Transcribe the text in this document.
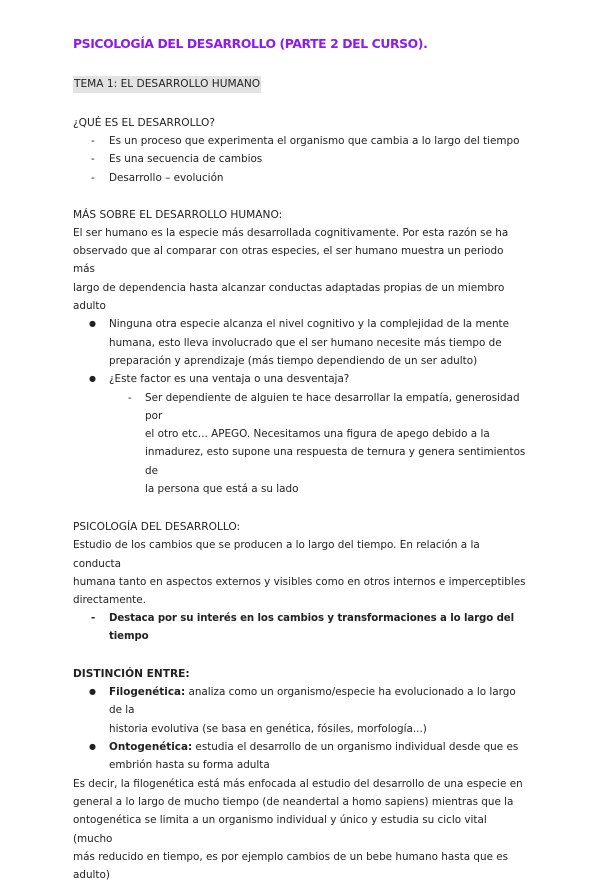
PSICOLOGÍA DEL DESARROLLO (PARTE 2 DEL CURSO).
TEMA 1: EL DESARROLLO HUMANO
¿QUÉ ES EL DESARROLLO?
- Es un proceso que experimenta el organismo que cambia a lo largo del tiempo
- Es una secuencia de cambios
- Desarrollo – evolución
MÁS SOBRE EL DESARROLLO HUMANO:

El ser humano es la especie más desarrollada cognitivamente. Por esta razón se ha
observado que al comparar con otras especies, el ser humano muestra un periodo más
largo de dependencia hasta alcanzar conductas adaptadas propias de un miembro adulto

● Ninguna otra especie alcanza el nivel cognitivo y la complejidad de la mente
humana, esto lleva involucrado que el ser humano necesite más tiempo de
preparación y aprendizaje (más tiempo dependiendo de un ser adulto)
● ¿Este factor es una ventaja o una desventaja?
- Ser dependiente de alguien te hace desarrollar la empatía, generosidad por
el otro etc... APEGO. Necesitamos una figura de apego debido a la
inmadurez, esto supone una respuesta de ternura y genera sentimientos de
la persona que está a su lado
PSICOLOGÍA DEL DESARROLLO:

Estudio de los cambios que se producen a lo largo del tiempo. En relación a la conducta
humana tanto en aspectos externos y visibles como en otros internos e imperceptibles
directamente.

- Destaca por su interés en los cambios y transformaciones a lo largo del tiempo
DISTINCIÓN ENTRE:
● Filogenética: analiza como un organismo/especie ha evolucionado a lo largo de la
historia evolutiva (se basa en genética, fósiles, morfología...)
● Ontogenética: estudia el desarrollo de un organismo individual desde que es
embrión hasta su forma adulta

Es decir, la filogenética está más enfocada al estudio del desarrollo de una especie en
general a lo largo de mucho tiempo (de neandertal a homo sapiens) mientras que la
ontogenética se limita a un organismo individual y único y estudia su ciclo vital (mucho
más reducido en tiempo, es por ejemplo cambios de un bebe humano hasta que es adulto)
